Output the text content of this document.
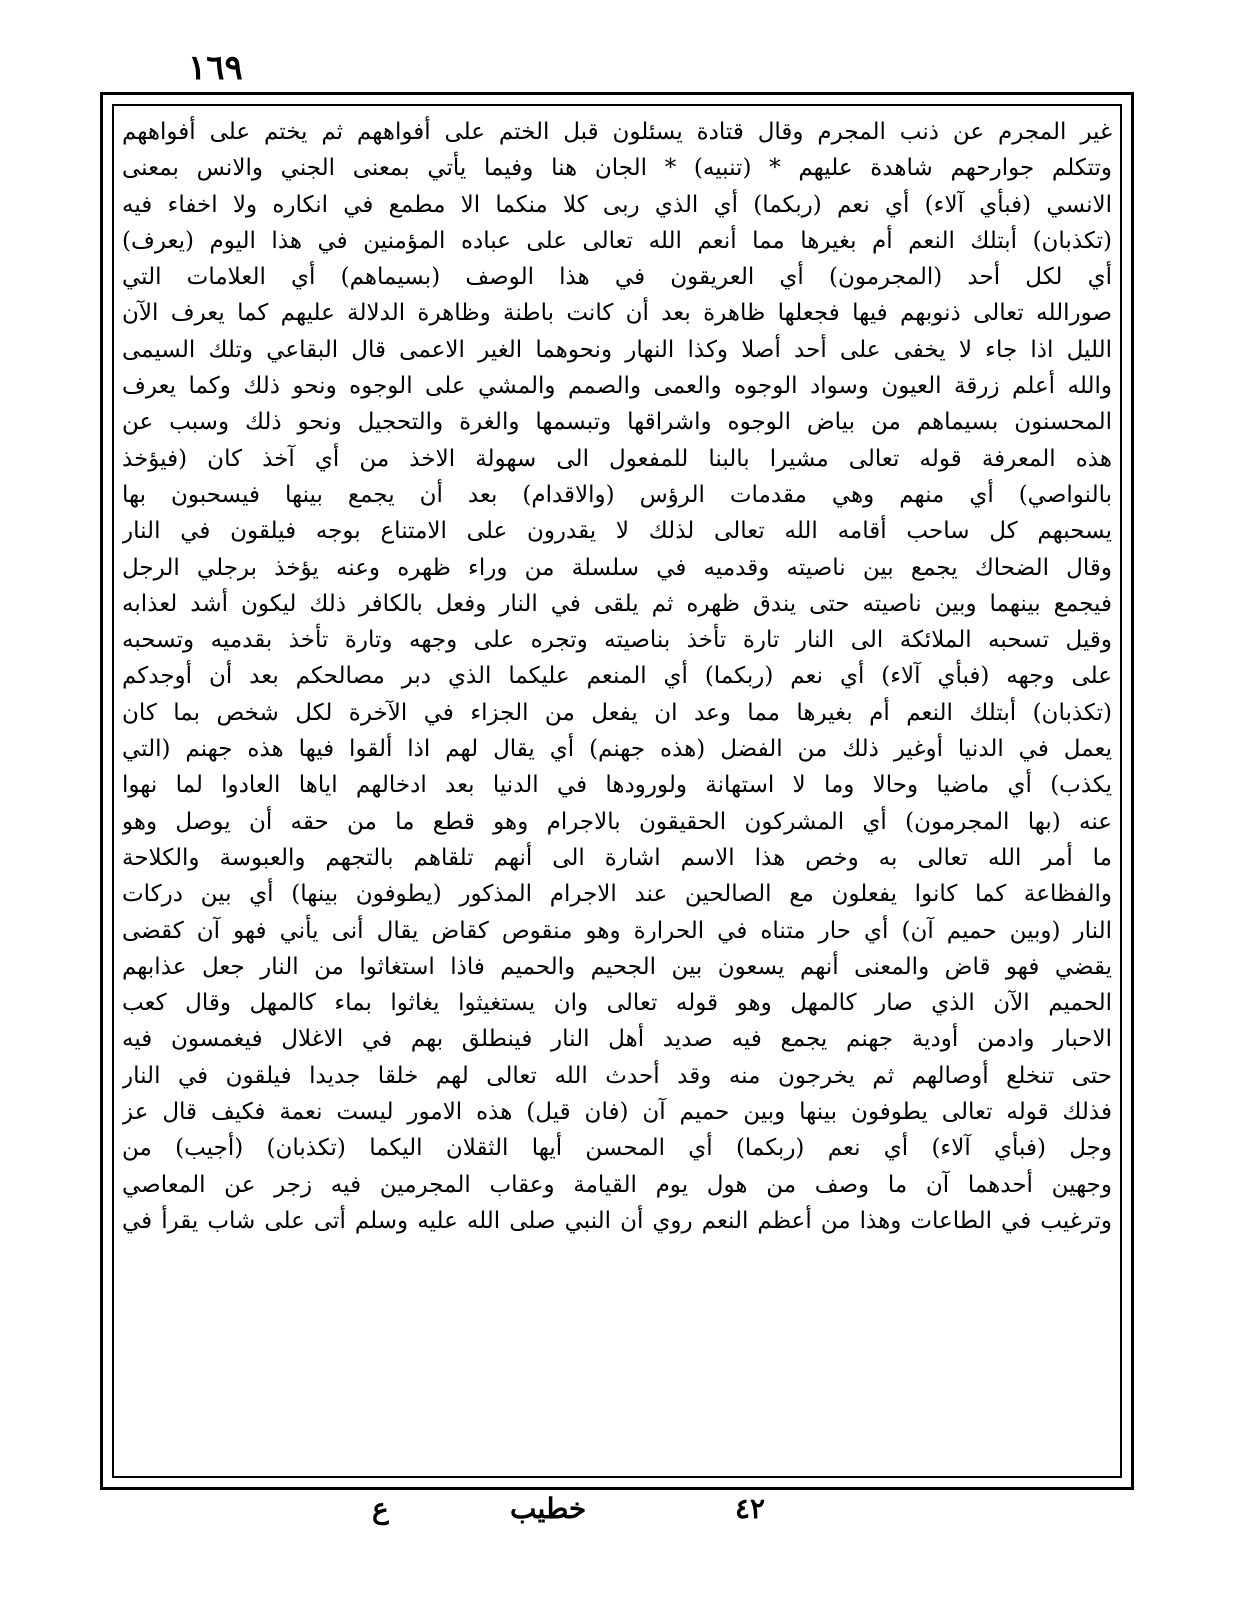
١٦٩
غير المجرم عن ذنب المجرم وقال قتادة يسئلون قبل الختم على أفواههم ثم يختم على أفواههم
وتتكلم جوارحهم شاهدة عليهم * (تنبيه) * الجان هنا وفيما يأتي بمعنى الجني والانس بمعنى
الانسي (فبأي آلاء) أي نعم (ربكما) أي الذي ربى كلا منكما الا مطمع في انكاره ولا اخفاء فيه
(تكذبان) أبتلك النعم أم بغيرها مما أنعم الله تعالى على عباده المؤمنين في هذا اليوم (يعرف)
أي لكل أحد (المجرمون) أي العريقون في هذا الوصف (بسيماهم) أي العلامات التي
صورالله تعالى ذنوبهم فيها فجعلها ظاهرة بعد أن كانت باطنة وظاهرة الدلالة عليهم كما يعرف الآن
الليل اذا جاء لا يخفى على أحد أصلا وكذا النهار ونحوهما الغير الاعمى قال البقاعي وتلك السيمى
والله أعلم زرقة العيون وسواد الوجوه والعمى والصمم والمشي على الوجوه ونحو ذلك وكما يعرف
المحسنون بسيماهم من بياض الوجوه واشراقها وتبسمها والغرة والتحجيل ونحو ذلك وسبب عن
هذه المعرفة قوله تعالى مشيرا بالبنا للمفعول الى سهولة الاخذ من أي آخذ كان (فيؤخذ
بالنواصي) أي منهم وهي مقدمات الرؤس (والاقدام) بعد أن يجمع بينها فيسحبون بها
يسحبهم كل ساحب أقامه الله تعالى لذلك لا يقدرون على الامتناع بوجه فيلقون في النار
وقال الضحاك يجمع بين ناصيته وقدميه في سلسلة من وراء ظهره وعنه يؤخذ برجلي الرجل
فيجمع بينهما وبين ناصيته حتى يندق ظهره ثم يلقى في النار وفعل بالكافر ذلك ليكون أشد لعذابه
وقيل تسحبه الملائكة الى النار تارة تأخذ بناصيته وتجره على وجهه وتارة تأخذ بقدميه وتسحبه
على وجهه (فبأي آلاء) أي نعم (ربكما) أي المنعم عليكما الذي دبر مصالحكم بعد أن أوجدكم
(تكذبان) أبتلك النعم أم بغيرها مما وعد ان يفعل من الجزاء في الآخرة لكل شخص بما كان
يعمل في الدنيا أوغير ذلك من الفضل (هذه جهنم) أي يقال لهم اذا ألقوا فيها هذه جهنم (التي
يكذب) أي ماضيا وحالا وما لا استهانة ولورودها في الدنيا بعد ادخالهم اياها العادوا لما نهوا
عنه (بها المجرمون) أي المشركون الحقيقون بالاجرام وهو قطع ما من حقه أن يوصل وهو
ما أمر الله تعالى به وخص هذا الاسم اشارة الى أنهم تلقاهم بالتجهم والعبوسة والكلاحة
والفظاعة كما كانوا يفعلون مع الصالحين عند الاجرام المذكور (يطوفون بينها) أي بين دركات
النار (وبين حميم آن) أي حار متناه في الحرارة وهو منقوص كقاض يقال أنى يأني فهو آن كقضى
يقضي فهو قاض والمعنى أنهم يسعون بين الجحيم والحميم فاذا استغاثوا من النار جعل عذابهم
الحميم الآن الذي صار كالمهل وهو قوله تعالى وان يستغيثوا يغاثوا بماء كالمهل وقال كعب
الاحبار وادمن أودية جهنم يجمع فيه صديد أهل النار فينطلق بهم في الاغلال فيغمسون فيه
حتى تنخلع أوصالهم ثم يخرجون منه وقد أحدث الله تعالى لهم خلقا جديدا فيلقون في النار
فذلك قوله تعالى يطوفون بينها وبين حميم آن (فان قيل) هذه الامور ليست نعمة فكيف قال عز
وجل (فبأي آلاء) أي نعم (ربكما) أي المحسن أيها الثقلان اليكما (تكذبان) (أجيب) من
وجهين أحدهما آن ما وصف من هول يوم القيامة وعقاب المجرمين فيه زجر عن المعاصي
وترغيب في الطاعات وهذا من أعظم النعم روي أن النبي صلى الله عليه وسلم أتى على شاب يقرأ في
ع	خطيب	٤٢
